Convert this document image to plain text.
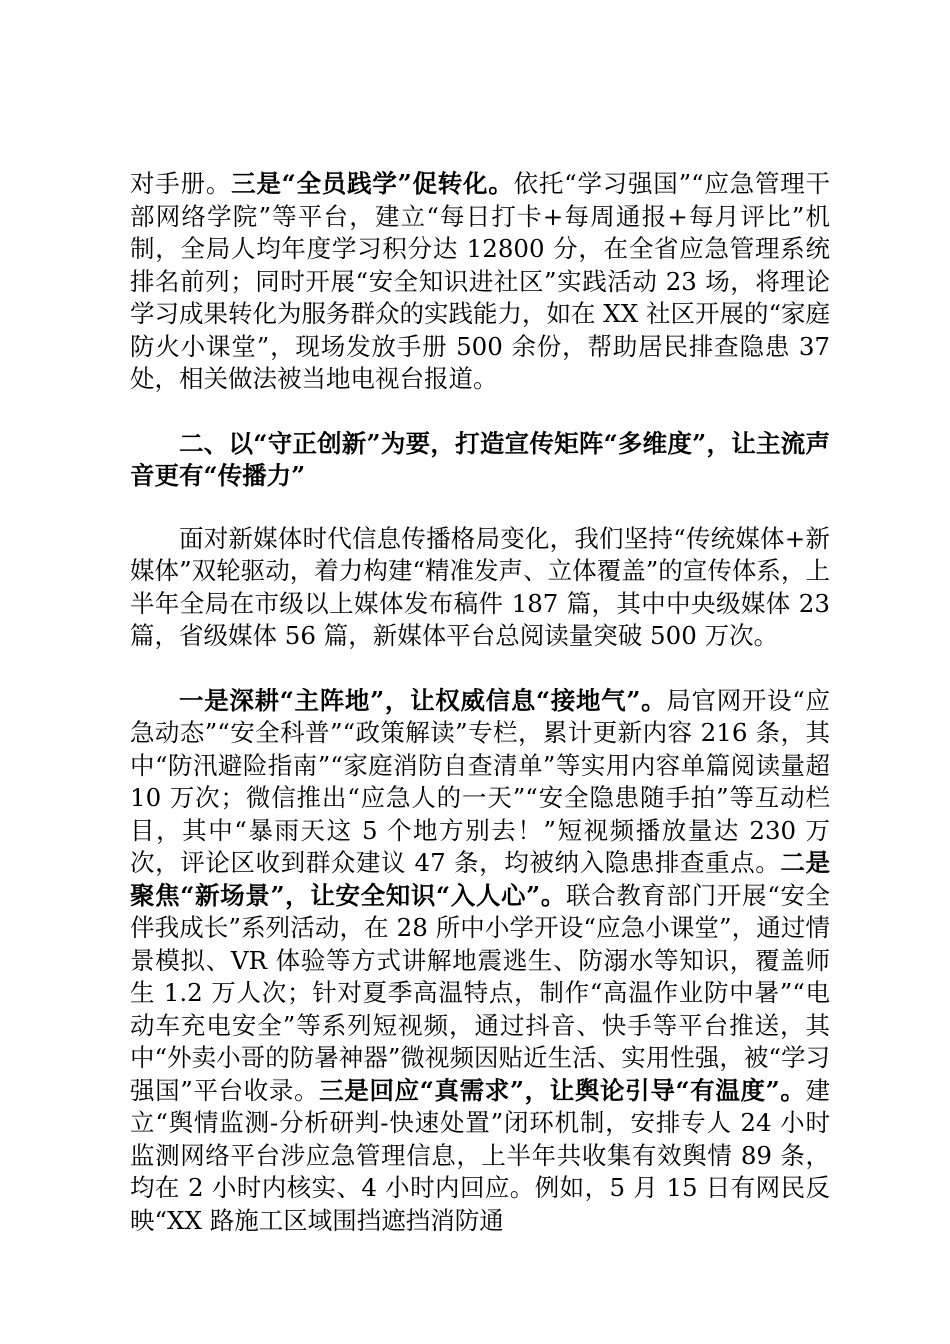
对手册。三是“全员践学”促转化。依托“学习强国”“应急管理干部网络学院”等平台，建立“每日打卡+每周通报+每月评比”机制，全局人均年度学习积分达 12800 分，在全省应急管理系统排名前列；同时开展“安全知识进社区”实践活动 23 场，将理论学习成果转化为服务群众的实践能力，如在 XX 社区开展的“家庭防火小课堂”，现场发放手册 500 余份，帮助居民排查隐患 37 处，相关做法被当地电视台报道。

二、以“守正创新”为要，打造宣传矩阵“多维度”，让主流声音更有“传播力”

面对新媒体时代信息传播格局变化，我们坚持“传统媒体+新媒体”双轮驱动，着力构建“精准发声、立体覆盖”的宣传体系，上半年全局在市级以上媒体发布稿件 187 篇，其中中央级媒体 23 篇，省级媒体 56 篇，新媒体平台总阅读量突破 500 万次。

一是深耕“主阵地”，让权威信息“接地气”。局官网开设“应急动态”“安全科普”“政策解读”专栏，累计更新内容 216 条，其中“防汛避险指南”“家庭消防自查清单”等实用内容单篇阅读量超 10 万次；微信推出“应急人的一天”“安全隐患随手拍”等互动栏目，其中“暴雨天这 5 个地方别去！”短视频播放量达 230 万次，评论区收到群众建议 47 条，均被纳入隐患排查重点。二是聚焦“新场景”，让安全知识“入人心”。联合教育部门开展“安全伴我成长”系列活动，在 28 所中小学开设“应急小课堂”，通过情景模拟、VR 体验等方式讲解地震逃生、防溺水等知识，覆盖师生 1.2 万人次；针对夏季高温特点，制作“高温作业防中暑”“电动车充电安全”等系列短视频，通过抖音、快手等平台推送，其中“外卖小哥的防暑神器”微视频因贴近生活、实用性强，被“学习强国”平台收录。三是回应“真需求”，让舆论引导“有温度”。建立“舆情监测-分析研判-快速处置”闭环机制，安排专人 24 小时监测网络平台涉应急管理信息，上半年共收集有效舆情 89 条，均在 2 小时内核实、4 小时内回应。例如，5 月 15 日有网民反映“XX 路施工区域围挡遮挡消防通
